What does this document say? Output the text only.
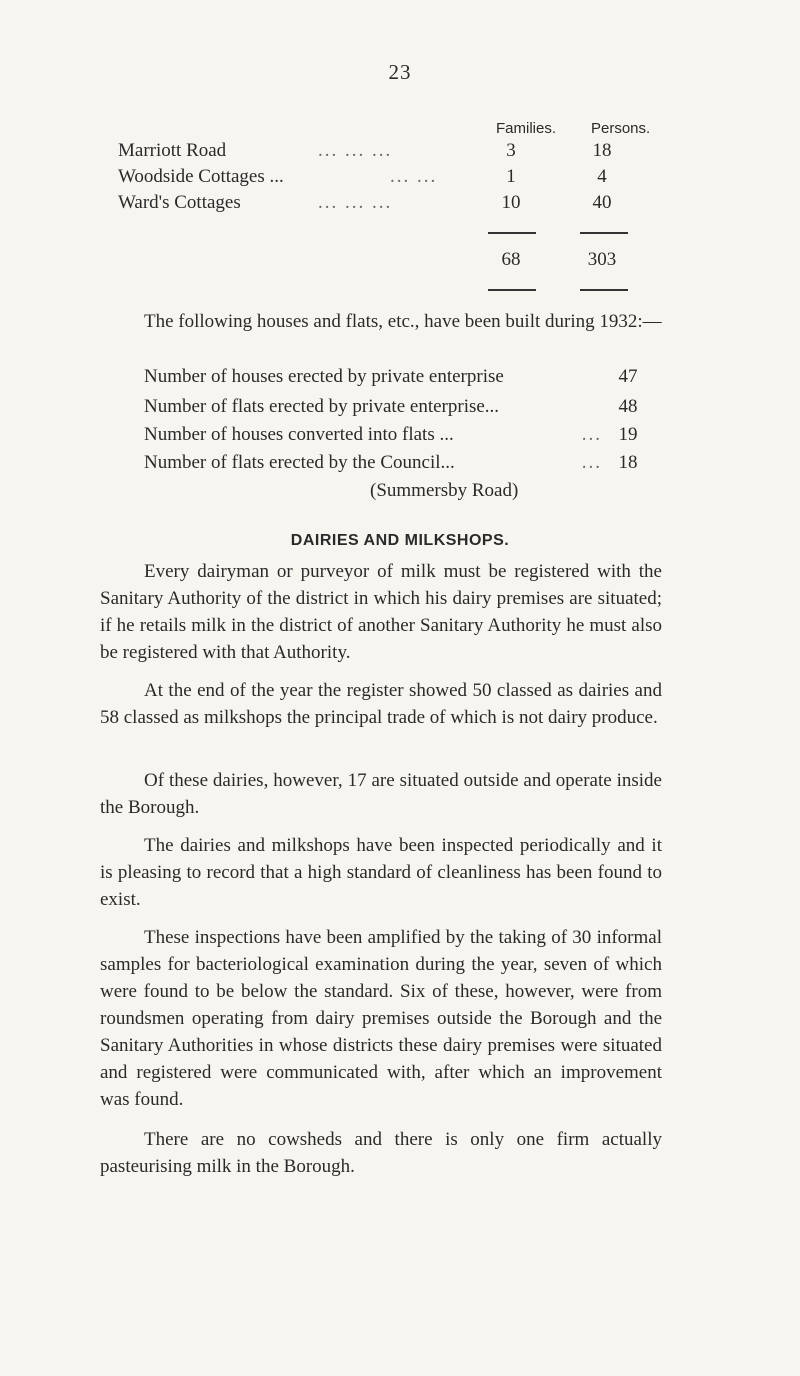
23
Families. Persons.
Marriott Road	... ... ...	3	18
Woodside Cottages ...	... ...	1	4
Ward's Cottages	... ... ...	10	40
68	303
The following houses and flats, etc., have been built during 1932:—
Number of houses erected by private enterprise	47
Number of flats erected by private enterprise...	48
Number of houses converted into flats ...	... 19
Number of flats erected by the Council...	... 18
(Summersby Road)
DAIRIES AND MILKSHOPS.
Every dairyman or purveyor of milk must be registered with the Sanitary Authority of the district in which his dairy premises are situated; if he retails milk in the district of another Sanitary Authority he must also be registered with that Authority.
At the end of the year the register showed 50 classed as dairies and 58 classed as milkshops the principal trade of which is not dairy produce.
Of these dairies, however, 17 are situated outside and operate inside the Borough.
The dairies and milkshops have been inspected periodically and it is pleasing to record that a high standard of cleanliness has been found to exist.
These inspections have been amplified by the taking of 30 informal samples for bacteriological examination during the year, seven of which were found to be below the standard. Six of these, however, were from roundsmen operating from dairy premises outside the Borough and the Sanitary Authorities in whose districts these dairy premises were situated and registered were communicated with, after which an improvement was found.
There are no cowsheds and there is only one firm actually pasteurising milk in the Borough.
